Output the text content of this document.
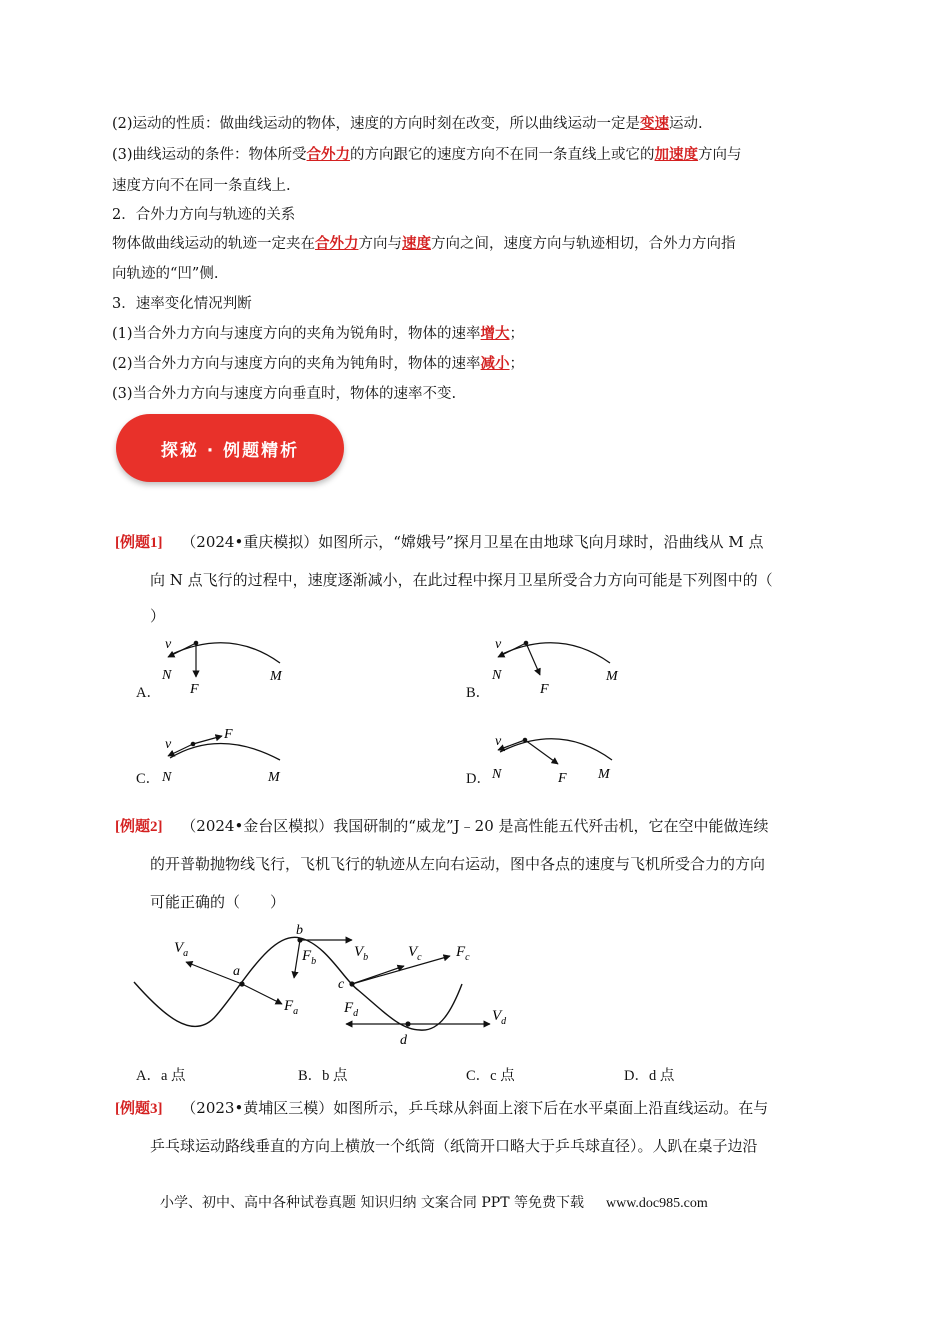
(2)运动的性质：做曲线运动的物体，速度的方向时刻在改变，所以曲线运动一定是变速运动.
(3)曲线运动的条件：物体所受合外力的方向跟它的速度方向不在同一条直线上或它的加速度方向与
速度方向不在同一条直线上.
2．合外力方向与轨迹的关系
物体做曲线运动的轨迹一定夹在合外力方向与速度方向之间，速度方向与轨迹相切，合外力方向指
向轨迹的“凹”侧.
3．速率变化情况判断
(1)当合外力方向与速度方向的夹角为锐角时，物体的速率增大；
(2)当合外力方向与速度方向的夹角为钝角时，物体的速率减小；
(3)当合外力方向与速度方向垂直时，物体的速率不变.
探秘 · 例题精析
[例题1] （2024•重庆模拟）如图所示，“嫦娥号”探月卫星在由地球飞向月球时，沿曲线从 M 点
向 N 点飞行的过程中，速度逐渐减小，在此过程中探月卫星所受合力方向可能是下列图中的（
）
A．
v
N
F
M
B．
v
N
F
M
C．
v
N
F
M	D．
v
N	F M
[例题2] （2024•金台区模拟）我国研制的“威龙”J﹣20 是高性能五代歼击机，它在空中能做连续
的开普勒抛物线飞行，飞机飞行的轨迹从左向右运动，图中各点的速度与飞机所受合力的方向
可能正确的（　　）
$V_a$
a
$F_a$
b
$F_b$
$V_b$
c
$V_c$ $F_c$
$F_d$	$V_d$
d
A．a 点	B．b 点	C．c 点	D．d 点
[例题3] （2023•黄埔区三模）如图所示，乒乓球从斜面上滚下后在水平桌面上沿直线运动。在与
乒乓球运动路线垂直的方向上横放一个纸筒（纸筒开口略大于乒乓球直径）。人趴在桌子边沿
小学、初中、高中各种试卷真题 知识归纳 文案合同 PPT 等免费下载 www.doc985.com
